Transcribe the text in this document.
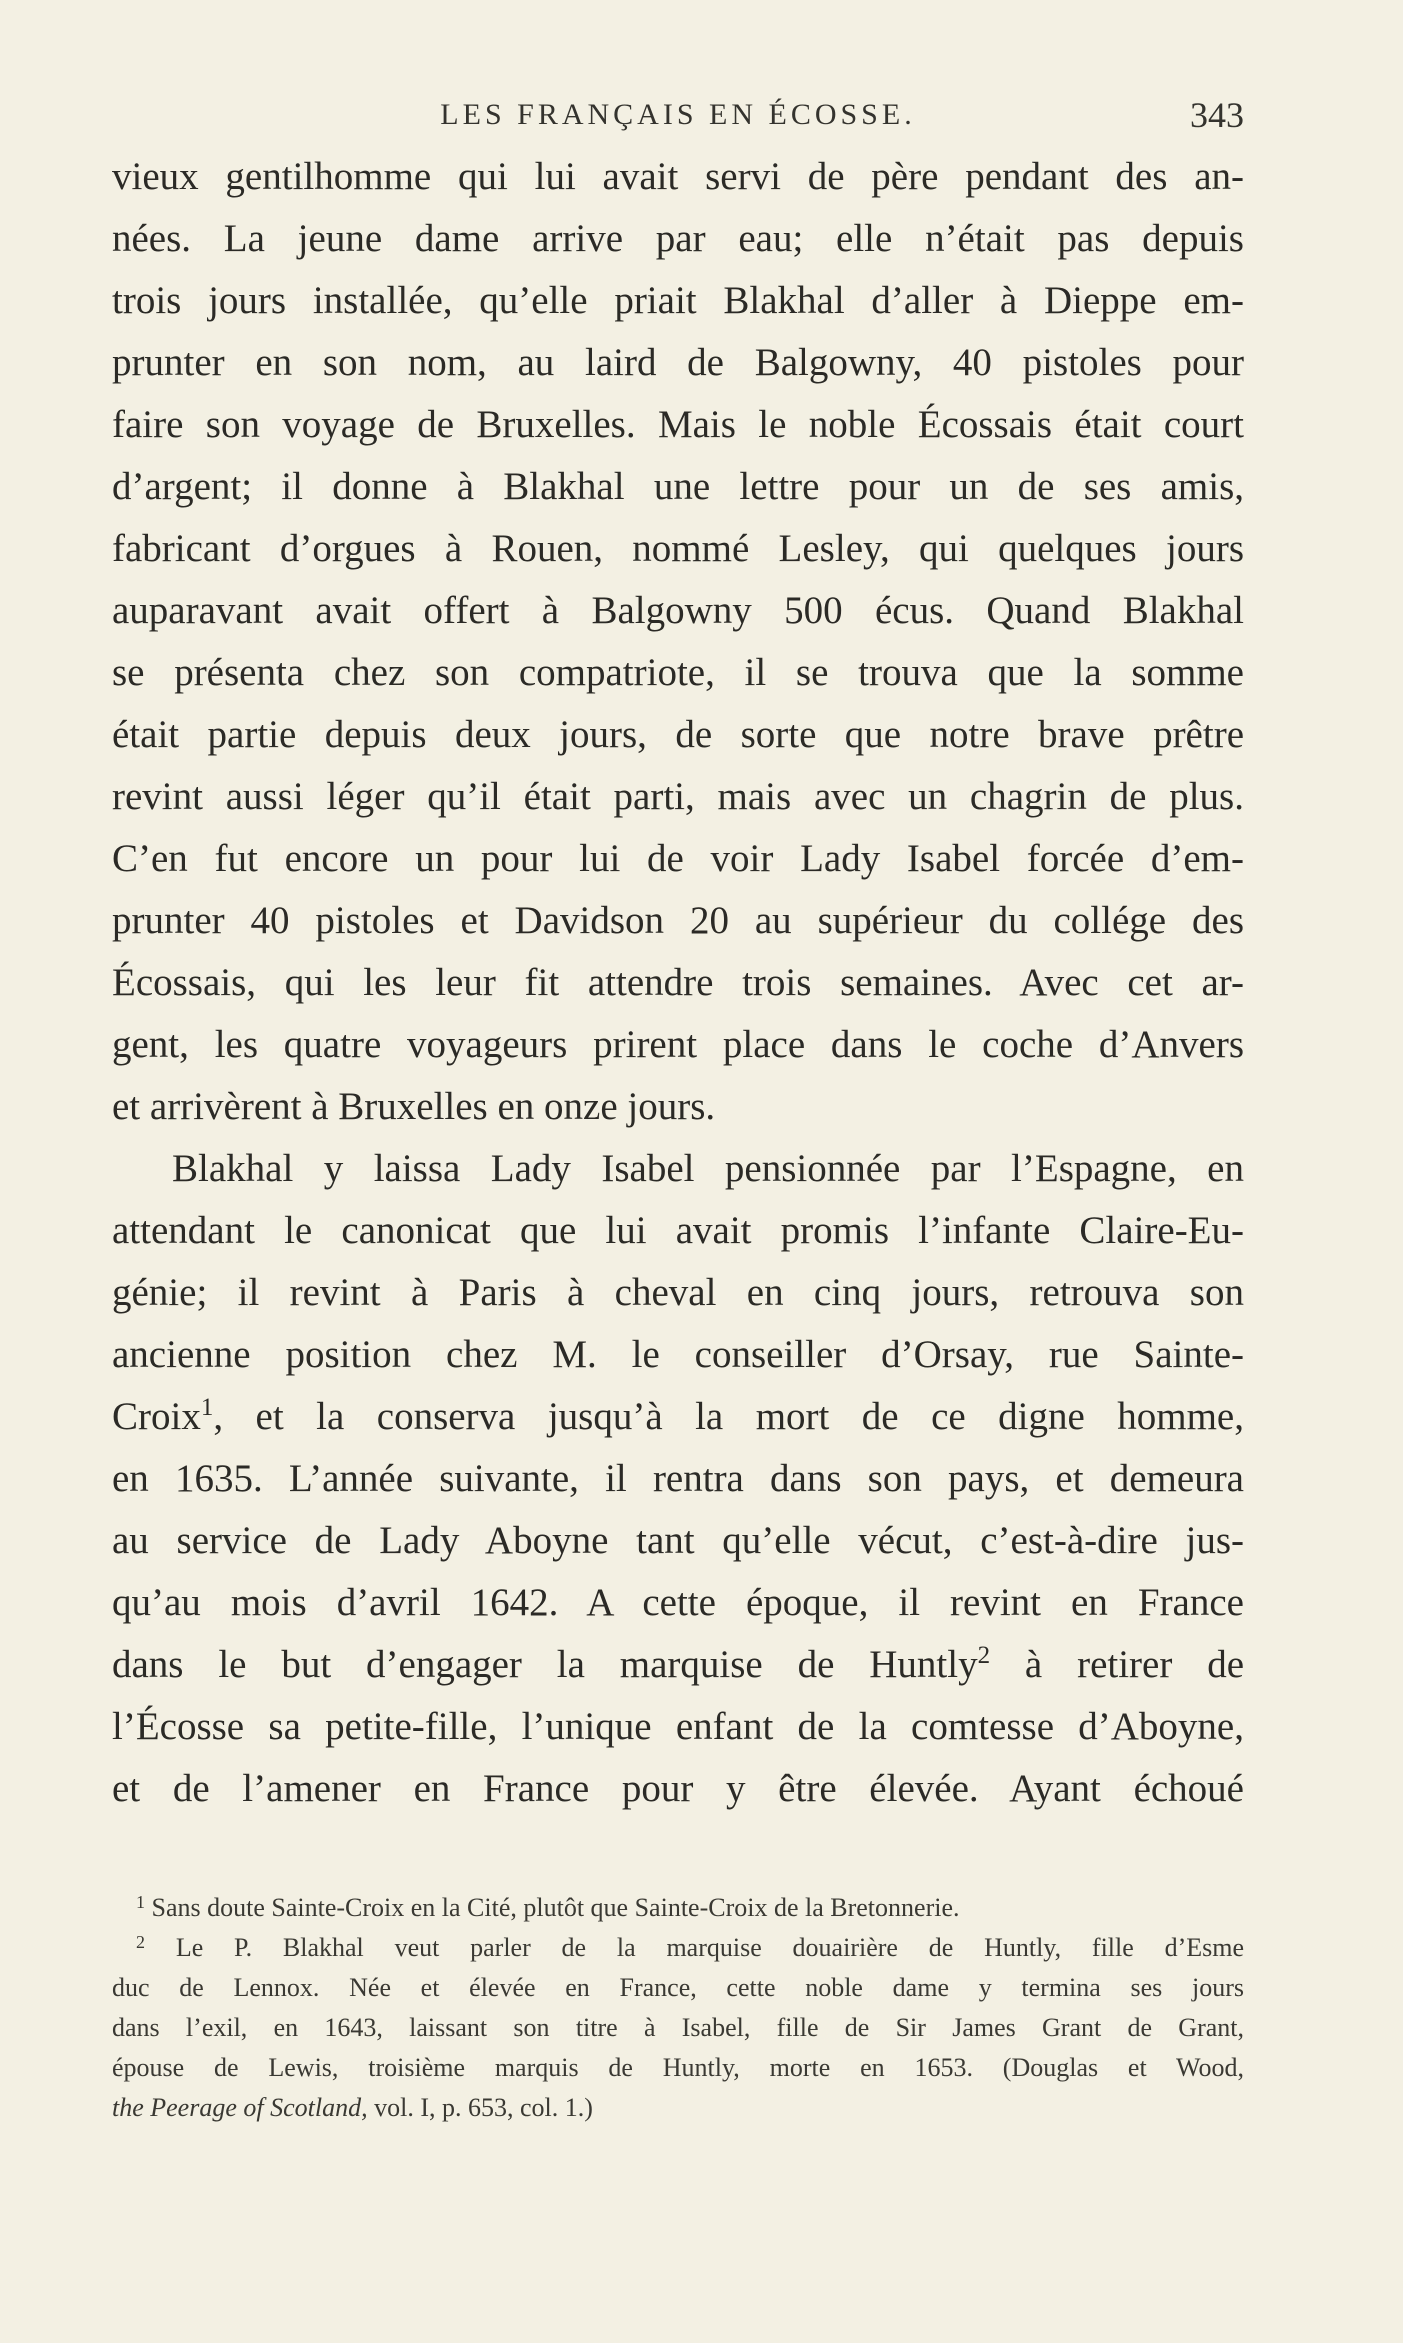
LES FRANÇAIS EN ÉCOSSE.	343
vieux gentilhomme qui lui avait servi de père pendant des an-
nées. La jeune dame arrive par eau; elle n’était pas depuis
trois jours installée, qu’elle priait Blakhal d’aller à Dieppe em-
prunter en son nom, au laird de Balgowny, 40 pistoles pour
faire son voyage de Bruxelles. Mais le noble Écossais était court
d’argent; il donne à Blakhal une lettre pour un de ses amis,
fabricant d’orgues à Rouen, nommé Lesley, qui quelques jours
auparavant avait offert à Balgowny 500 écus. Quand Blakhal
se présenta chez son compatriote, il se trouva que la somme
était partie depuis deux jours, de sorte que notre brave prêtre
revint aussi léger qu’il était parti, mais avec un chagrin de plus.
C’en fut encore un pour lui de voir Lady Isabel forcée d’em-
prunter 40 pistoles et Davidson 20 au supérieur du collége des
Écossais, qui les leur fit attendre trois semaines. Avec cet ar-
gent, les quatre voyageurs prirent place dans le coche d’Anvers
et arrivèrent à Bruxelles en onze jours.
Blakhal y laissa Lady Isabel pensionnée par l’Espagne, en
attendant le canonicat que lui avait promis l’infante Claire-Eu-
génie; il revint à Paris à cheval en cinq jours, retrouva son
ancienne position chez M. le conseiller d’Orsay, rue Sainte-
Croix$^1$, et la conserva jusqu’à la mort de ce digne homme,
en 1635. L’année suivante, il rentra dans son pays, et demeura
au service de Lady Aboyne tant qu’elle vécut, c’est-à-dire jus-
qu’au mois d’avril 1642. A cette époque, il revint en France
dans le but d’engager la marquise de Huntly$^2$ à retirer de
l’Écosse sa petite-fille, l’unique enfant de la comtesse d’Aboyne,
et de l’amener en France pour y être élevée. Ayant échoué
$^1$ Sans doute Sainte-Croix en la Cité, plutôt que Sainte-Croix de la Bretonnerie.
$^2$ Le P. Blakhal veut parler de la marquise douairière de Huntly, fille d’Esme
duc de Lennox. Née et élevée en France, cette noble dame y termina ses jours
dans l’exil, en 1643, laissant son titre à Isabel, fille de Sir James Grant de Grant,
épouse de Lewis, troisième marquis de Huntly, morte en 1653. (Douglas et Wood,
the Peerage of Scotland, vol. I, p. 653, col. 1.)
